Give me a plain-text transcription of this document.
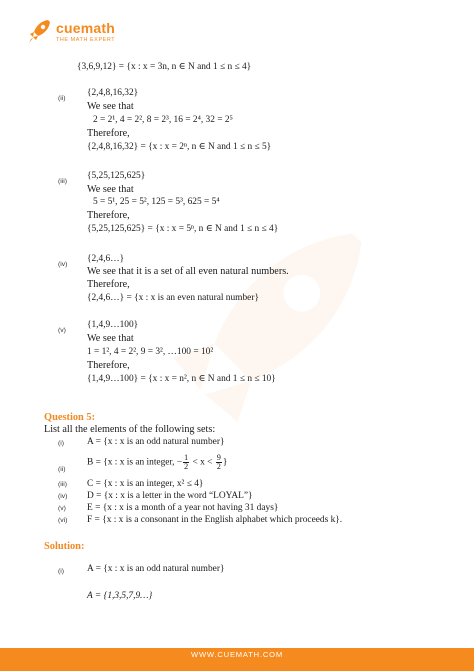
cuemath
THE MATH EXPERT
{3,6,9,12} = {x : x = 3n, n ∈ N and 1 ≤ n ≤ 4}
(ii)
{2,4,8,16,32}
We see that
2 = 2¹, 4 = 2², 8 = 2³, 16 = 2⁴, 32 = 2⁵
Therefore,
{2,4,8,16,32} = {x : x = 2ⁿ, n ∈ N and 1 ≤ n ≤ 5}
(iii)
{5,25,125,625}
We see that
5 = 5¹, 25 = 5², 125 = 5³, 625 = 5⁴
Therefore,
{5,25,125,625} = {x : x = 5ⁿ, n ∈ N and 1 ≤ n ≤ 4}
(iv)
{2,4,6…}
We see that it is a set of all even natural numbers.
Therefore,
{2,4,6…} = {x : x is an even natural number}
(v)
{1,4,9…100}
We see that
1 = 1², 4 = 2², 9 = 3², …100 = 10²
Therefore,
{1,4,9…100} = {x : x = n², n ∈ N and 1 ≤ n ≤ 10}
Question 5:
List all the elements of the following sets:
(i) A = {x : x is an odd natural number}
(ii)
B = {x : x is an integer, − $\frac{1}{2} < x < \frac{9}{2}$ }
(iii) C = {x : x is an integer, x² ≤ 4}
(iv) D = {x : x is a letter in the word “LOYAL”}
(v) E = {x : x is a month of a year not having 31 days}
(vi) F = {x : x is a consonant in the English alphabet which proceeds k}.
Solution:
(i) A = {x : x is an odd natural number}
A = {1,3,5,7,9…}
WWW.CUEMATH.COM
